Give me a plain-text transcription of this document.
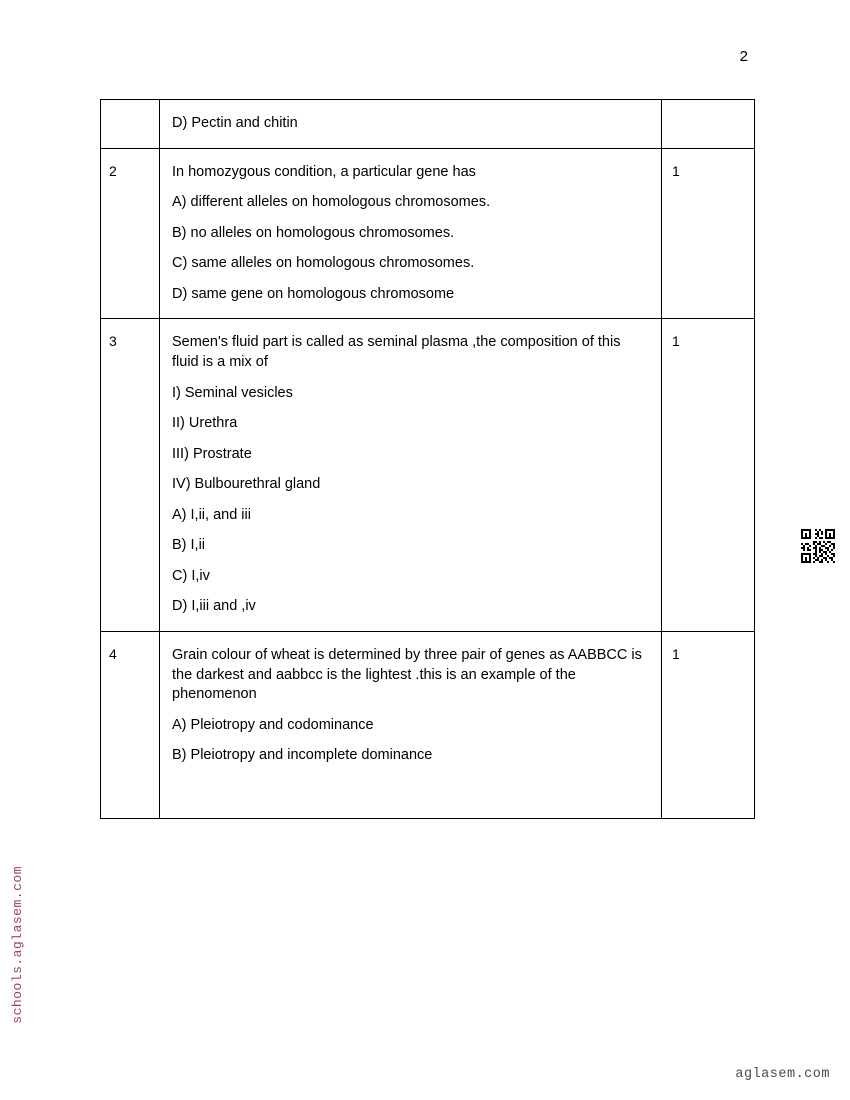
2

	D) Pectin and chitin	

2	In homozygous condition, a particular gene has

A) different alleles on homologous chromosomes.

B) no alleles on homologous chromosomes.

C) same alleles on homologous chromosomes.

D) same gene on homologous chromosome	1

3	Semen's fluid part is called as seminal plasma ,the composition of this fluid is a mix of

I) Seminal vesicles

II) Urethra

III) Prostrate

IV) Bulbourethral gland

A) I,ii, and iii

B) I,ii

C) I,iv

D) I,iii and ,iv

1

4	Grain colour of wheat is determined by three pair of genes as AABBCC is the darkest and aabbcc is the lightest .this is an example of the phenomenon

A) Pleiotropy and codominance

B) Pleiotropy and incomplete dominance	1
schools.aglasem.com
aglasem.com
